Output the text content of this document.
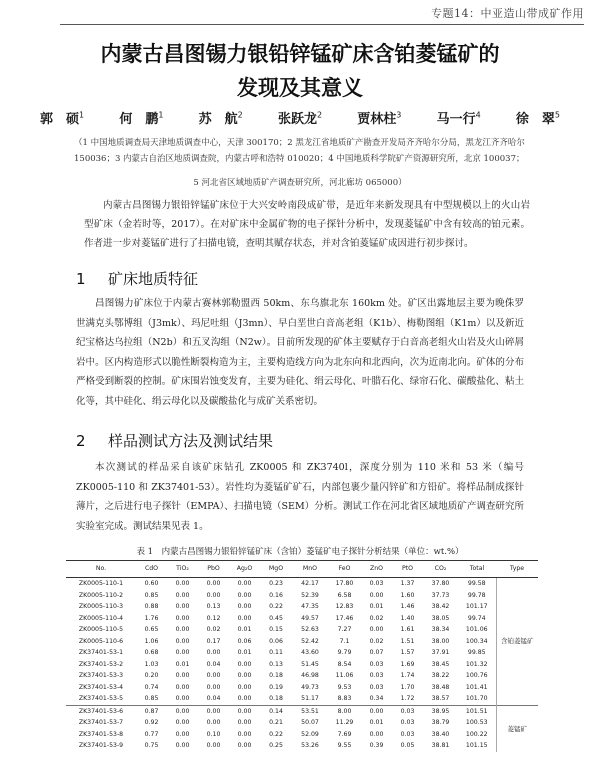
专题14：中亚造山带成矿作用
内蒙古昌图锡力银铅锌锰矿床含铂菱锰矿的
发现及其意义
郭　硕$^1$	何　鹏$^1$	苏　航$^2$	张跃龙$^2$	贾林柱$^3$	马一行$^4$	徐　翠$^5$
（1 中国地质调查局天津地质调查中心，天津 300170；2 黑龙江省地质矿产勘查开发局齐齐哈尔分局，黑龙江齐齐哈尔　150036；3 内蒙古自治区地质调查院，内蒙古呼和浩特 010020；4 中国地质科学院矿产资源研究所，北京 100037；
5 河北省区域地质矿产调查研究所，河北廊坊 065000）
内蒙古昌图锡力银铅锌锰矿床位于大兴安岭南段成矿带，是近年来新发现具有中型规模以上的火山岩型矿床（金若时等，2017）。在对矿床中金属矿物的电子探针分析中，发现菱锰矿中含有较高的铂元素。作者进一步对菱锰矿进行了扫描电镜，查明其赋存状态，并对含铂菱锰矿成因进行初步探讨。
1 矿床地质特征
昌图锡力矿床位于内蒙古赛林郭勒盟西 50km、东乌旗北东 160km 处。矿区出露地层主要为晚侏罗世满克头鄂博组（J3mk）、玛尼吐组（J3mn）、早白垩世白音高老组（K1b）、梅勒图组（K1m）以及新近纪宝格达乌拉组（N2b）和五叉沟组（N2w）。目前所发现的矿体主要赋存于白音高老组火山岩及火山碎屑岩中。区内构造形式以脆性断裂构造为主，主要构造线方向为北东向和北西向，次为近南北向。矿体的分布严格受到断裂的控制。矿床围岩蚀变发育，主要为硅化、绢云母化、叶腊石化、绿帘石化、碳酸盐化、粘土化等，其中硅化、绢云母化以及碳酸盐化与成矿关系密切。
2 样品测试方法及测试结果
本次测试的样品采自该矿床钻孔 ZK0005 和 ZK3740l，深度分别为 110 米和 53 米（编号 ZK0005-110 和 ZK37401-53）。岩性均为菱锰矿矿石，内部包裹少量闪锌矿和方铅矿。将样品制成探针薄片，之后进行电子探针（EMPA）、扫描电镜（SEM）分析。测试工作在河北省区域地质矿产调查研究所实验室完成。测试结果见表 1。
表 1　内蒙古昌图锡力银铅锌锰矿床（含铂）菱锰矿电子探针分析结果（单位：wt.%）
No.	CdO	TiO₂	PbO	Ag₂O	MgO	MnO	FeO	ZnO	PtO	CO₂	Total	Type
ZK0005-110-1	0.60	0.00	0.00	0.00	0.23	42.17	17.80	0.03	1.37	37.80	99.58	含铂菱锰矿
ZK0005-110-2	0.85	0.00	0.00	0.00	0.16	52.39	6.58	0.00	1.60	37.73	99.78	
ZK0005-110-3	0.88	0.00	0.13	0.00	0.22	47.35	12.83	0.01	1.46	38.42	101.17	
ZK0005-110-4	1.76	0.00	0.12	0.00	0.45	49.57	17.46	0.02	1.40	38.05	99.74	
ZK0005-110-5	0.65	0.00	0.02	0.01	0.15	52.63	7.27	0.00	1.61	38.34	101.06	
ZK0005-110-6	1.06	0.00	0.17	0.06	0.06	52.42	7.1	0.02	1.51	38.00	100.34	
ZK37401-53-1	0.68	0.00	0.00	0.01	0.11	43.60	9.79	0.07	1.57	37.91	99.85	
ZK37401-53-2	1.03	0.01	0.04	0.00	0.13	51.45	8.54	0.03	1.69	38.45	101.32	
ZK37401-53-3	0.20	0.00	0.00	0.00	0.18	46.98	11.06	0.03	1.74	38.22	100.76	
ZK37401-53-4	0.74	0.00	0.00	0.00	0.19	49.73	9.53	0.03	1.70	38.48	101.41	
ZK37401-53-5	0.85	0.00	0.04	0.00	0.18	51.17	8.83	0.34	1.72	38.57	101.70	
ZK37401-53-6	0.87	0.00	0.00	0.00	0.14	53.51	8.00	0.00	0.03	38.95	101.51	菱锰矿
ZK37401-53-7	0.92	0.00	0.00	0.00	0.21	50.07	11.29	0.01	0.03	38.79	100.53	
ZK37401-53-8	0.77	0.00	0.10	0.00	0.22	52.09	7.69	0.00	0.03	38.40	100.22	
ZK37401-53-9	0.75	0.00	0.00	0.00	0.25	53.26	9.55	0.39	0.05	38.81	101.15	
